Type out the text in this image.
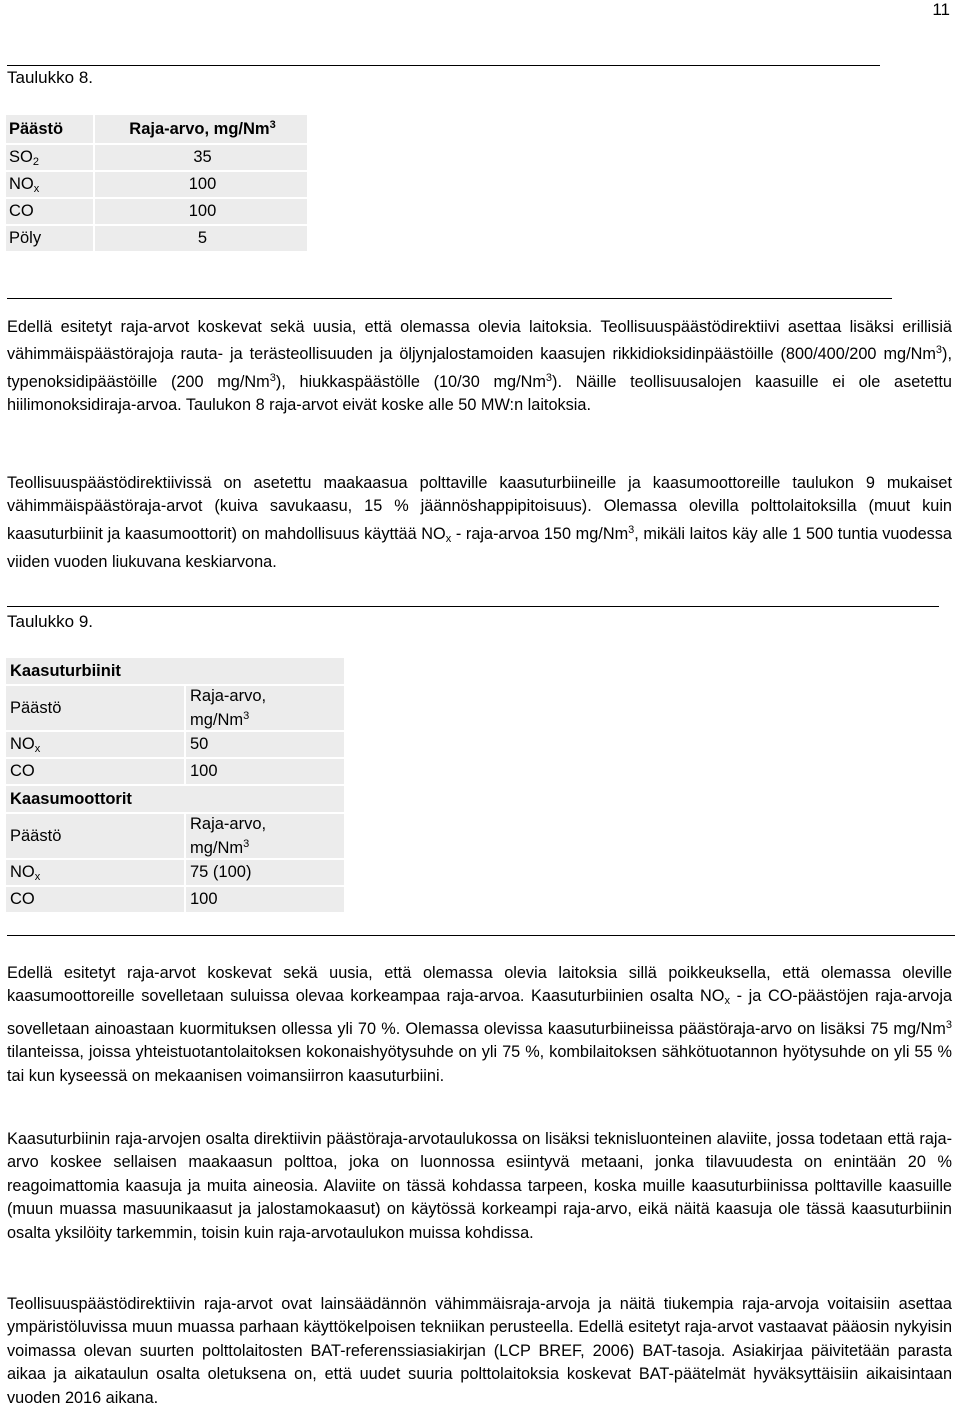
11
Taulukko 8.
Päästö	Raja-arvo, mg/Nm$^3$
$SO_2$	35
$NO_x$	100
CO	100
Pöly	5

Edellä esitetyt raja-arvot koskevat sekä uusia, että olemassa olevia laitoksia. Teollisuuspäästödirektiivi asettaa lisäksi erillisiä vähimmäispäästörajoja rauta- ja terästeollisuuden ja öljynjalostamoiden kaasujen rikkidioksidinpäästöille (800/400/200 mg/Nm$^3$), typenoksidipäästöille (200 mg/Nm$^3$), hiukkaspäästölle (10/30 mg/Nm$^3$). Näille teollisuusalojen kaasuille ei ole asetettu hiilimonoksidiraja-arvoa. Taulukon 8 raja-arvot eivät koske alle 50 MW:n laitoksia.

Teollisuuspäästödirektiivissä on asetettu maakaasua polttaville kaasuturbiineille ja kaasumoottoreille taulukon 9 mukaiset vähimmäispäästöraja-arvot (kuiva savukaasu, 15 % jäännöshappipitoisuus). Olemassa olevilla polttolaitoksilla (muut kuin kaasuturbiinit ja kaasumoottorit) on mahdollisuus käyttää $NO_x$ - raja-arvoa 150 mg/Nm$^3$, mikäli laitos käy alle 1 500 tuntia vuodessa viiden vuoden liukuvana keskiarvona.

Taulukko 9.
Kaasuturbiinit	
Päästö	Raja-arvo,
mg/Nm$^3$
$NO_x$	50
CO	100
Kaasumoottorit	
Päästö	Raja-arvo,
mg/Nm$^3$
$NO_x$	75 (100)
CO	100

Edellä esitetyt raja-arvot koskevat sekä uusia, että olemassa olevia laitoksia sillä poikkeuksella, että olemassa oleville kaasumoottoreille sovelletaan suluissa olevaa korkeampaa raja-arvoa. Kaasuturbiinien osalta $NO_x$ - ja CO-päästöjen raja-arvoja sovelletaan ainoastaan kuormituksen ollessa yli 70 %. Olemassa olevissa kaasuturbiineissa päästöraja-arvo on lisäksi 75 mg/Nm$^3$ tilanteissa, joissa yhteistuotantolaitoksen kokonaishyötysuhde on yli 75 %, kombilaitoksen sähkötuotannon hyötysuhde on yli 55 % tai kun kyseessä on mekaanisen voimansiirron kaasuturbiini.

Kaasuturbiinin raja-arvojen osalta direktiivin päästöraja-arvotaulukossa on lisäksi teknisluonteinen alaviite, jossa todetaan että raja-arvo koskee sellaisen maakaasun polttoa, joka on luonnossa esiintyvä metaani, jonka tilavuudesta on enintään 20 % reagoimattomia kaasuja ja muita aineosia. Alaviite on tässä kohdassa tarpeen, koska muille kaasuturbiinissa polttaville kaasuille (muun muassa masuunikaasut ja jalostamokaasut) on käytössä korkeampi raja-arvo, eikä näitä kaasuja ole tässä kaasuturbiinin osalta yksilöity tarkemmin, toisin kuin raja-arvotaulukon muissa kohdissa.

Teollisuuspäästödirektiivin raja-arvot ovat lainsäädännön vähimmäisraja-arvoja ja näitä tiukempia raja-arvoja voitaisiin asettaa ympäristöluvissa muun muassa parhaan käyttökelpoisen tekniikan perusteella. Edellä esitetyt raja-arvot vastaavat pääosin nykyisin voimassa olevan suurten polttolaitosten BAT-referenssiasiakirjan (LCP BREF, 2006) BAT-tasoja. Asiakirjaa päivitetään parasta aikaa ja aikataulun osalta oletuksena on, että uudet suuria polttolaitoksia koskevat BAT-päätelmät hyväksyttäisiin aikaisintaan vuoden 2016 aikana.
